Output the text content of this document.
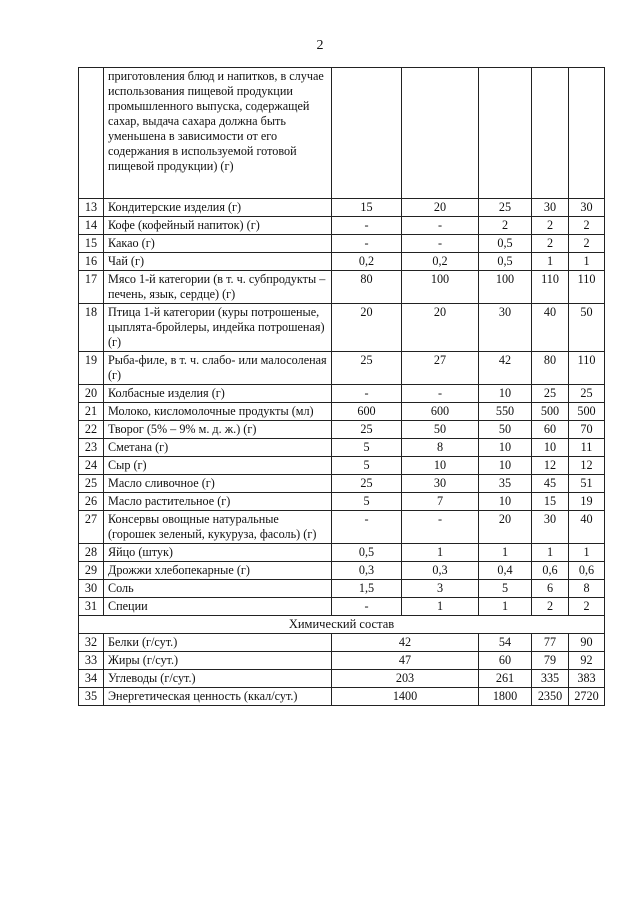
2
	приготовления блюд и напитков, в случае использования пищевой продукции промышленного выпуска, содержащей сахар, выдача сахара должна быть уменьшена в зависимости от его содержания в используемой готовой пищевой продукции) (г)					
13	Кондитерские изделия (г)	15	20	25	30	30
14	Кофе (кофейный напиток) (г)	-	-	2	2	2
15	Какао (г)	-	-	0,5	2	2
16	Чай (г)	0,2	0,2	0,5	1	1
17	Мясо 1-й категории (в т. ч. субпродукты – печень, язык, сердце) (г)	80	100	100	110	110
18	Птица 1-й категории (куры потрошеные, цыплята-бройлеры, индейка потрошеная) (г)	20	20	30	40	50
19	Рыба-филе, в т. ч. слабо- или малосоленая (г)	25	27	42	80	110
20	Колбасные изделия (г)	-	-	10	25	25
21	Молоко, кисломолочные продукты (мл)	600	600	550	500	500
22	Творог (5% – 9% м. д. ж.) (г)	25	50	50	60	70
23	Сметана (г)	5	8	10	10	11
24	Сыр (г)	5	10	10	12	12
25	Масло сливочное (г)	25	30	35	45	51
26	Масло растительное (г)	5	7	10	15	19
27	Консервы овощные натуральные (горошек зеленый, кукуруза, фасоль) (г)	-	-	20	30	40
28	Яйцо (штук)	0,5	1	1	1	1
29	Дрожжи хлебопекарные (г)	0,3	0,3	0,4	0,6	0,6
30	Соль	1,5	3	5	6	8
31	Специи	-	1	1	2	2
Химический состав						
32	Белки (г/сут.)	42		54	77	90
33	Жиры (г/сут.)	47		60	79	92
34	Углеводы (г/сут.)	203		261	335	383
35	Энергетическая ценность (ккал/сут.)	1400		1800	2350	2720
